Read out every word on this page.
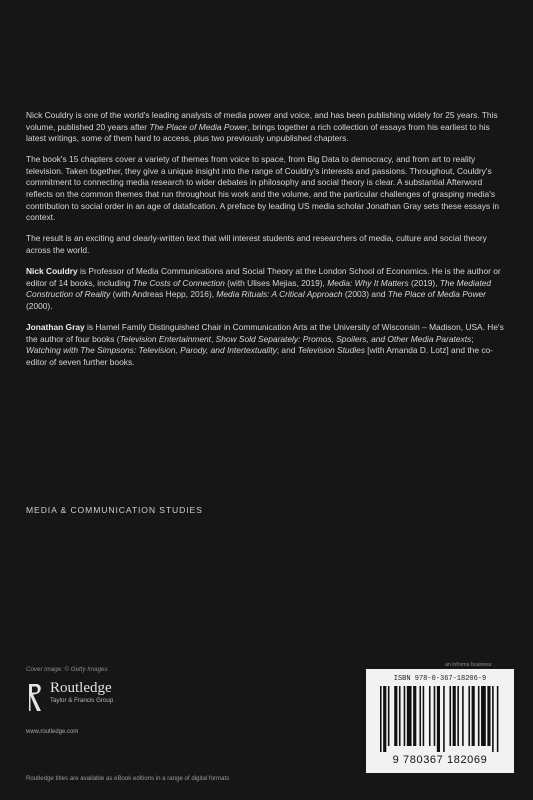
Nick Couldry is one of the world's leading analysts of media power and voice, and has been publishing widely for 25 years. This volume, published 20 years after The Place of Media Power, brings together a rich collection of essays from his earliest to his latest writings, some of them hard to access, plus two previously unpublished chapters.

The book's 15 chapters cover a variety of themes from voice to space, from Big Data to democracy, and from art to reality television. Taken together, they give a unique insight into the range of Couldry's interests and passions. Throughout, Couldry's commitment to connecting media research to wider debates in philosophy and social theory is clear. A substantial Afterword reflects on the common themes that run throughout his work and the volume, and the particular challenges of grasping media's contribution to social order in an age of datafication. A preface by leading US media scholar Jonathan Gray sets these essays in context.

The result is an exciting and clearly-written text that will interest students and researchers of media, culture and social theory across the world.

Nick Couldry is Professor of Media Communications and Social Theory at the London School of Economics. He is the author or editor of 14 books, including The Costs of Connection (with Ulises Mejias, 2019), Media: Why It Matters (2019), The Mediated Construction of Reality (with Andreas Hepp, 2016), Media Rituals: A Critical Approach (2003) and The Place of Media Power (2000).

Jonathan Gray is Hamel Family Distinguished Chair in Communication Arts at the University of Wisconsin – Madison, USA. He's the author of four books (Television Entertainment, Show Sold Separately: Promos, Spoilers, and Other Media Paratexts; Watching with The Simpsons: Television, Parody, and Intertextuality; and Television Studies [with Amanda D. Lotz] and the co-editor of seven further books.

MEDIA & COMMUNICATION STUDIES
Cover image: © Getty Images
Routledge
Taylor & Francis Group
www.routledge.com
Routledge titles are available as eBook editions in a range of digital formats
an informa business
ISBN 978-0-367-18206-9
9 780367 182069
